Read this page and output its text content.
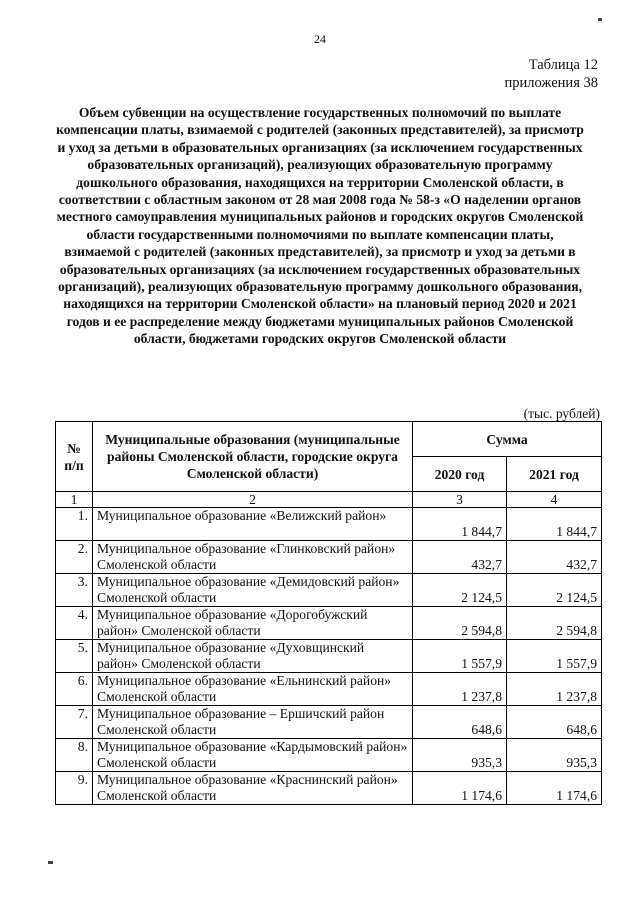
24
Таблица 12
приложения 38
Объем субвенции на осуществление государственных полномочий по выплате компенсации платы, взимаемой с родителей (законных представителей), за присмотр и уход за детьми в образовательных организациях (за исключением государственных образовательных организаций), реализующих образовательную программу дошкольного образования, находящихся на территории Смоленской области, в соответствии с областным законом от 28 мая 2008 года № 58-з «О наделении органов местного самоуправления муниципальных районов и городских округов Смоленской области государственными полномочиями по выплате компенсации платы, взимаемой с родителей (законных представителей), за присмотр и уход за детьми в образовательных организациях (за исключением государственных образовательных организаций), реализующих образовательную программу дошкольного образования, находящихся на территории Смоленской области» на плановый период 2020 и 2021 годов и ее распределение между бюджетами муниципальных районов Смоленской области, бюджетами городских округов Смоленской области
(тыс. рублей)
№ п/п	Муниципальные образования (муниципальные районы Смоленской области, городские округа Смоленской области)	Сумма	
		2020 год	2021 год
1	2	3	4
1.	Муниципальное образование «Велижский район»	1 844,7	1 844,7
2.	Муниципальное образование «Глинковский район» Смоленской области	432,7	432,7
3.	Муниципальное образование «Демидовский район» Смоленской области	2 124,5	2 124,5
4.	Муниципальное образование «Дорогобужский район» Смоленской области	2 594,8	2 594,8
5.	Муниципальное образование «Духовщинский район» Смоленской области	1 557,9	1 557,9
6.	Муниципальное образование «Ельнинский район» Смоленской области	1 237,8	1 237,8
7.	Муниципальное образование – Ершичский район Смоленской области	648,6	648,6
8.	Муниципальное образование «Кардымовский район» Смоленской области	935,3	935,3
9.	Муниципальное образование «Краснинский район» Смоленской области	1 174,6	1 174,6
